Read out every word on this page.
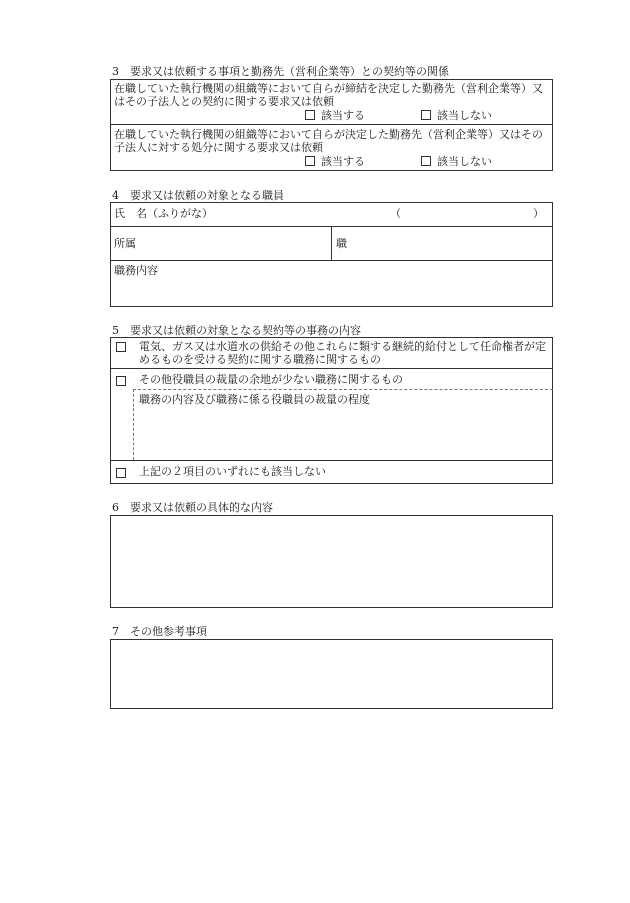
3　要求又は依頼する事項と勤務先（営利企業等）との契約等の関係
在職していた執行機関の組織等において自らが締結を決定した勤務先（営利企業等）又はその子法人との契約に関する要求又は依頼
該当する	該当しない
在職していた執行機関の組織等において自らが決定した勤務先（営利企業等）又はその子法人に対する処分に関する要求又は依頼
該当する	該当しない
4　要求又は依頼の対象となる職員
氏　名（ふりがな）	（	）
所属	職
職務内容
5　要求又は依頼の対象となる契約等の事務の内容
電気、ガス又は水道水の供給その他これらに類する継続的給付として任命権者が定めるものを受ける契約に関する職務に関するもの
その他役職員の裁量の余地が少ない職務に関するもの
職務の内容及び職務に係る役職員の裁量の程度
上記の２項目のいずれにも該当しない
6　要求又は依頼の具体的な内容
7　その他参考事項
